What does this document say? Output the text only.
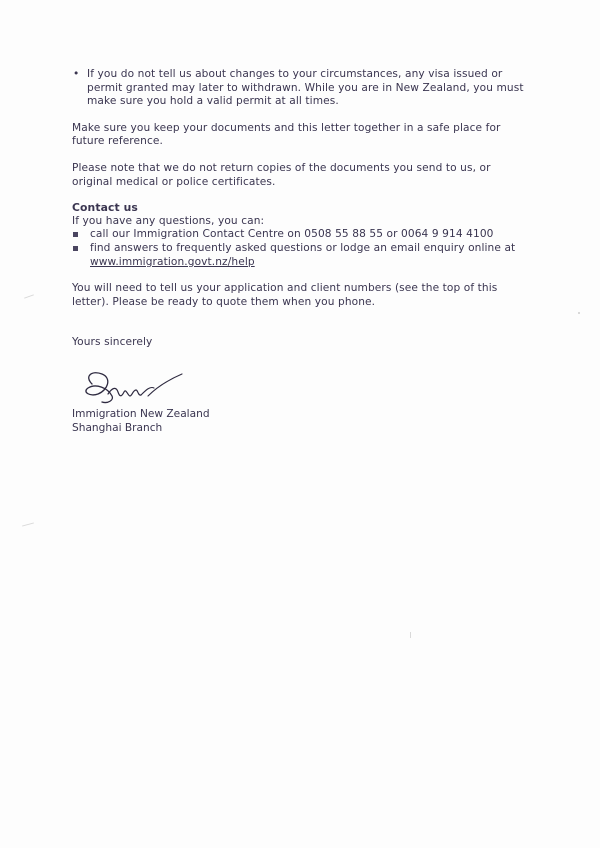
• If you do not tell us about changes to your circumstances, any visa issued or permit granted may later to withdrawn. While you are in New Zealand, you must make sure you hold a valid permit at all times.
Make sure you keep your documents and this letter together in a safe place for future reference.
Please note that we do not return copies of the documents you send to us, or original medical or police certificates.
Contact us
If you have any questions, you can:
call our Immigration Contact Centre on 0508 55 88 55 or 0064 9 914 4100
find answers to frequently asked questions or lodge an email enquiry online at www.immigration.govt.nz/help
You will need to tell us your application and client numbers (see the top of this letter). Please be ready to quote them when you phone.
Yours sincerely
Immigration New Zealand
Shanghai Branch
